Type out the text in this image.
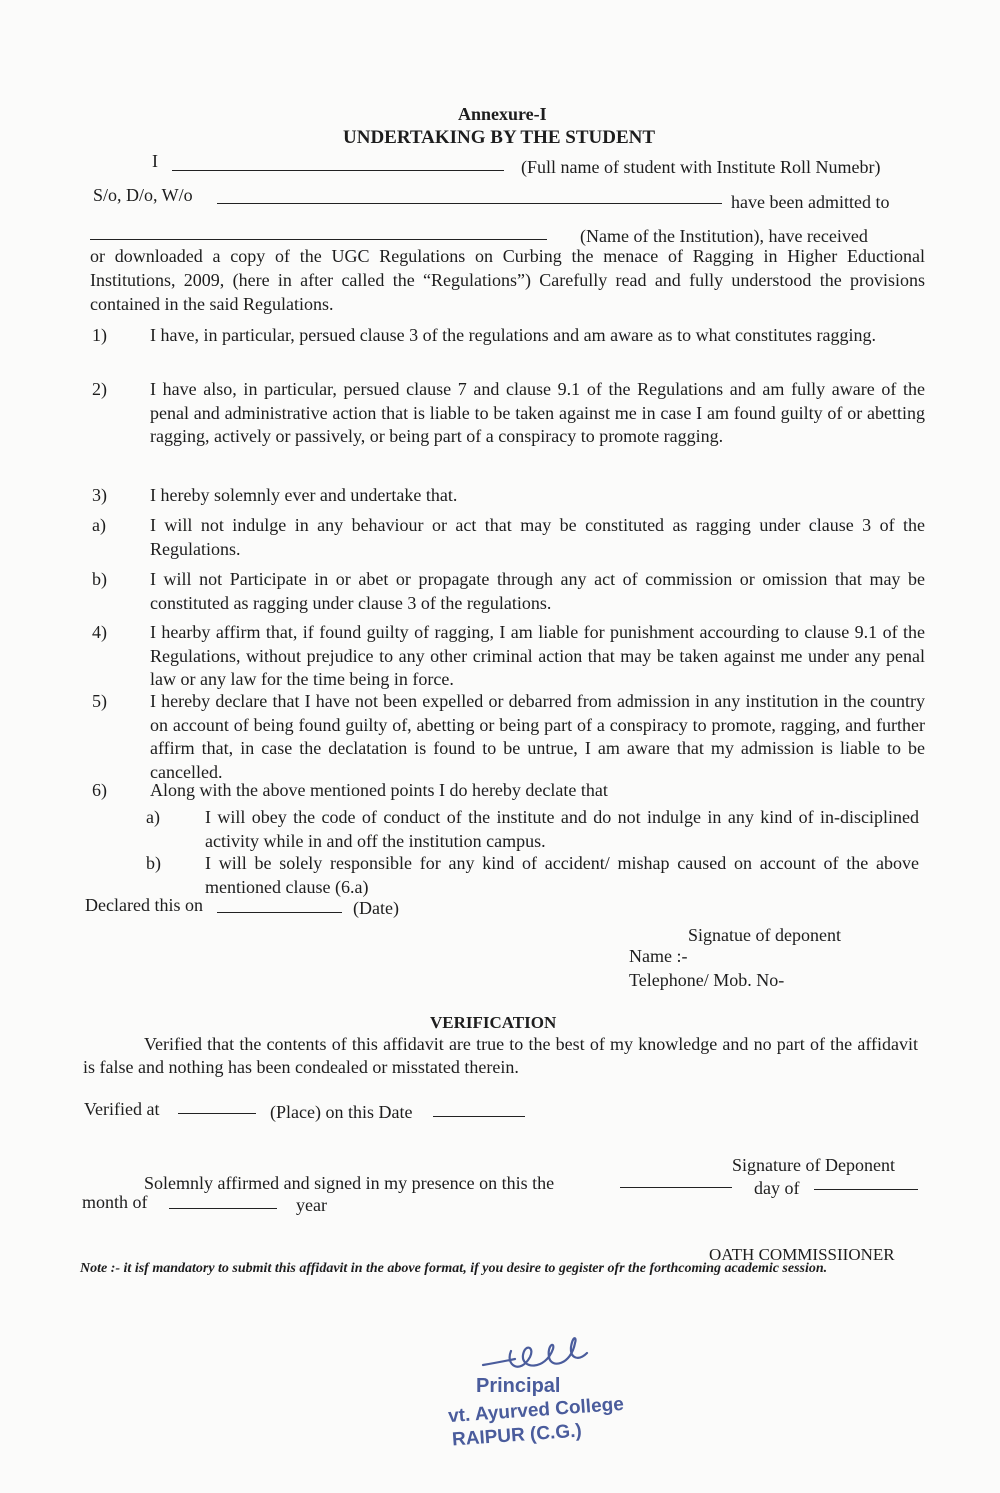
Annexure-I
UNDERTAKING BY THE STUDENT
I	(Full name of student with Institute Roll Numebr)
S/o, D/o, W/o	have been admitted to
(Name of the Institution), have received
or downloaded a copy of the UGC Regulations on Curbing the menace of Ragging in Higher Eductional Institutions, 2009, (here in after called the “Regulations”) Carefully read and fully understood the provisions contained in the said Regulations.
1) I have, in particular, persued clause 3 of the regulations and am aware as to what constitutes ragging.
2) I have also, in particular, persued clause 7 and clause 9.1 of the Regulations and am fully aware of the penal and administrative action that is liable to be taken against me in case I am found guilty of or abetting ragging, actively or passively, or being part of a conspiracy to promote ragging.
3) I hereby solemnly ever and undertake that.
a) I will not indulge in any behaviour or act that may be constituted as ragging under clause 3 of the Regulations.
b) I will not Participate in or abet or propagate through any act of commission or omission that may be constituted as ragging under clause 3 of the regulations.
4) I hearby affirm that, if found guilty of ragging, I am liable for punishment accourding to clause 9.1 of the Regulations, without prejudice to any other criminal action that may be taken against me under any penal law or any law for the time being in force.
5) I hereby declare that I have not been expelled or debarred from admission in any institution in the country on account of being found guilty of, abetting or being part of a conspiracy to promote, ragging, and further affirm that, in case the declatation is found to be untrue, I am aware that my admission is liable to be cancelled.
6) Along with the above mentioned points I do hereby declate that
a)	I will obey the code of conduct of the institute and do not indulge in any kind of in-disciplined activity while in and off the institution campus.
b) I will be solely responsible for any kind of accident/ mishap caused on account of the above mentioned clause (6.a)
Declared this on	(Date)
Signatue of deponent
Name :-
Telephone/ Mob. No-
VERIFICATION
Verified that the contents of this affidavit are true to the best of my knowledge and no part of the affidavit is false and nothing has been condealed or misstated therein.
Verified at	(Place) on this Date
Signature of Deponent
Solemnly affirmed and signed in my presence on this the	day of
month of	year
OATH COMMISSIIONER
Note :- it isf mandatory to submit this affidavit in the above format, if you desire to gegister ofr the forthcoming academic session.
Principal
vt. Ayurved College
RAIPUR (C.G.)
